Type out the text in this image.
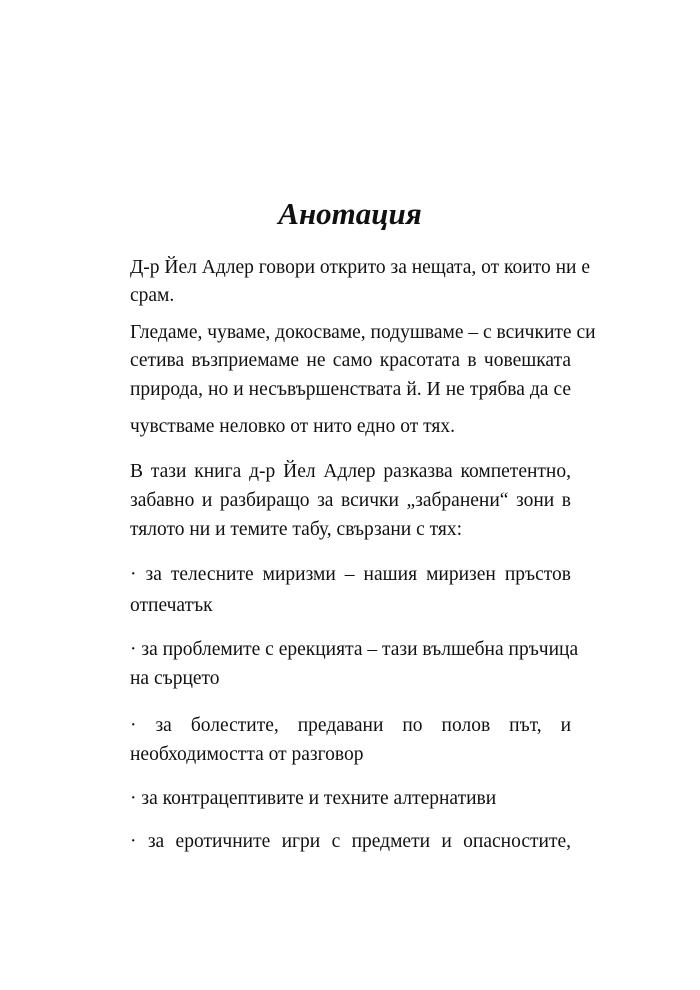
Анотация
Д-р Йел Адлер говори открито за нещата, от които ни е
срам.
Гледаме, чуваме, докосваме, подушваме – с всичките си
сетива възприемаме не само красотата в човешката
природа, но и несъвършенствата й. И не трябва да се
чувстваме неловко от нито едно от тях.
В тази книга д-р Йел Адлер разказва компетентно,
забавно и разбиращо за всички „забранени“ зони в
тялото ни и темите табу, свързани с тях:
· за телесните миризми – нашия миризен пръстов
отпечатък
· за проблемите с ерекцията – тази вълшебна пръчица
на сърцето
· за болестите, предавани по полов път, и
необходимостта от разговор
· за контрацептивите и техните алтернативи
· за еротичните игри с предмети и опасностите,
